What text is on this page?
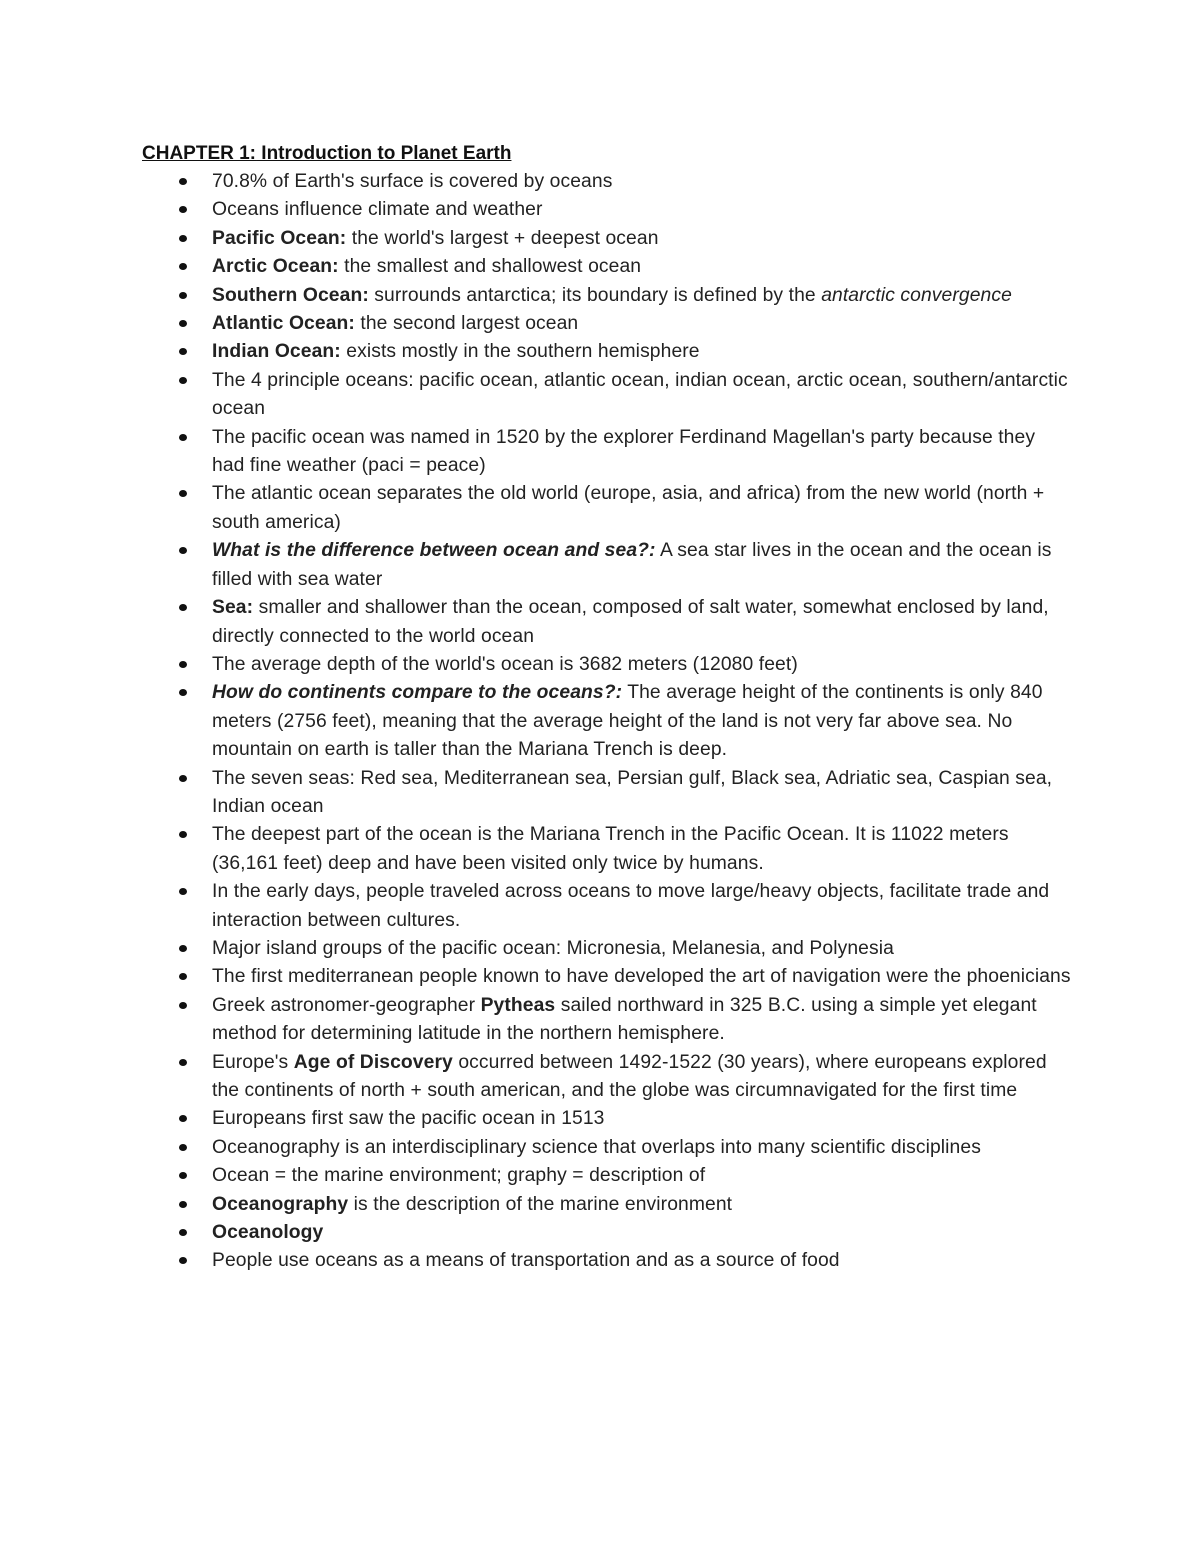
CHAPTER 1: Introduction to Planet Earth
70.8% of Earth's surface is covered by oceans
Oceans influence climate and weather
Pacific Ocean: the world's largest + deepest ocean
Arctic Ocean: the smallest and shallowest ocean
Southern Ocean: surrounds antarctica; its boundary is defined by the antarctic convergence
Atlantic Ocean: the second largest ocean
Indian Ocean: exists mostly in the southern hemisphere
The 4 principle oceans: pacific ocean, atlantic ocean, indian ocean, arctic ocean, southern/antarctic ocean
The pacific ocean was named in 1520 by the explorer Ferdinand Magellan's party because they had fine weather (paci = peace)
The atlantic ocean separates the old world (europe, asia, and africa) from the new world (north + south america)
What is the difference between ocean and sea?: A sea star lives in the ocean and the ocean is filled with sea water
Sea: smaller and shallower than the ocean, composed of salt water, somewhat enclosed by land, directly connected to the world ocean
The average depth of the world's ocean is 3682 meters (12080 feet)
How do continents compare to the oceans?: The average height of the continents is only 840 meters (2756 feet), meaning that the average height of the land is not very far above sea. No mountain on earth is taller than the Mariana Trench is deep.
The seven seas: Red sea, Mediterranean sea, Persian gulf, Black sea, Adriatic sea, Caspian sea, Indian ocean
The deepest part of the ocean is the Mariana Trench in the Pacific Ocean. It is 11022 meters (36,161 feet) deep and have been visited only twice by humans.
In the early days, people traveled across oceans to move large/heavy objects, facilitate trade and interaction between cultures.
Major island groups of the pacific ocean: Micronesia, Melanesia, and Polynesia
The first mediterranean people known to have developed the art of navigation were the phoenicians
Greek astronomer-geographer Pytheas sailed northward in 325 B.C. using a simple yet elegant method for determining latitude in the northern hemisphere.
Europe's Age of Discovery occurred between 1492-1522 (30 years), where europeans explored the continents of north + south american, and the globe was circumnavigated for the first time
Europeans first saw the pacific ocean in 1513
Oceanography is an interdisciplinary science that overlaps into many scientific disciplines
Ocean = the marine environment; graphy = description of
Oceanography is the description of the marine environment
Oceanology
People use oceans as a means of transportation and as a source of food
